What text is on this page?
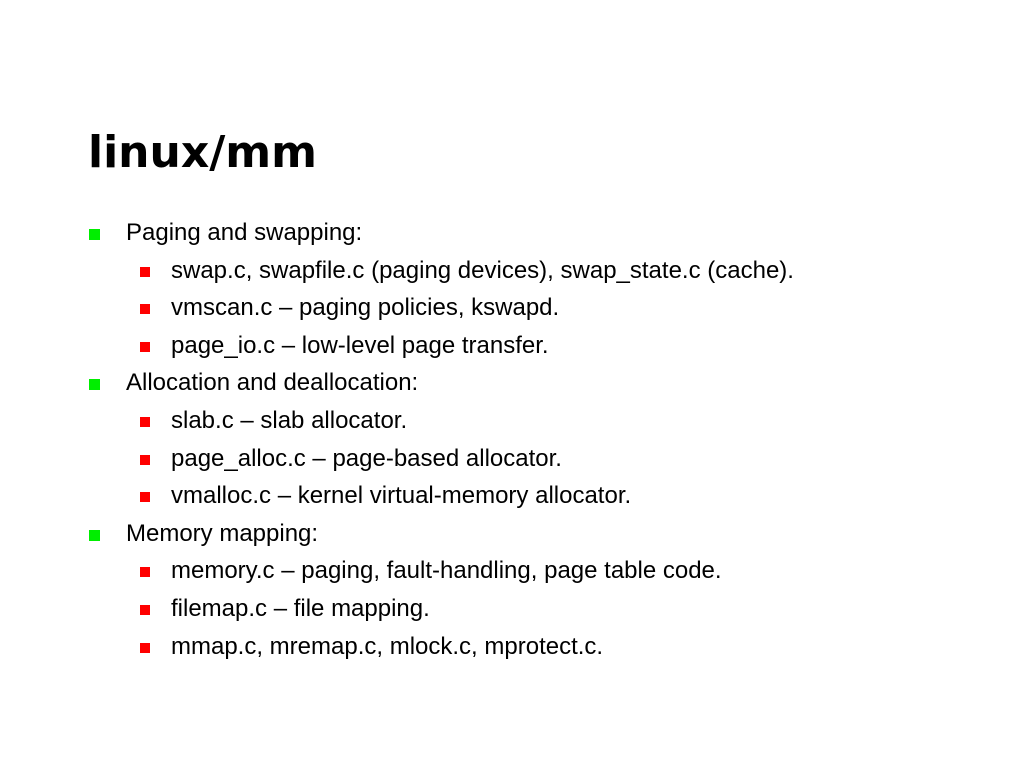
linux/mm
Paging and swapping:
swap.c, swapfile.c (paging devices), swap_state.c (cache).
vmscan.c – paging policies, kswapd.
page_io.c – low-level page transfer.
Allocation and deallocation:
slab.c – slab allocator.
page_alloc.c – page-based allocator.
vmalloc.c – kernel virtual-memory allocator.
Memory mapping:
memory.c – paging, fault-handling, page table code.
filemap.c – file mapping.
mmap.c, mremap.c, mlock.c, mprotect.c.
